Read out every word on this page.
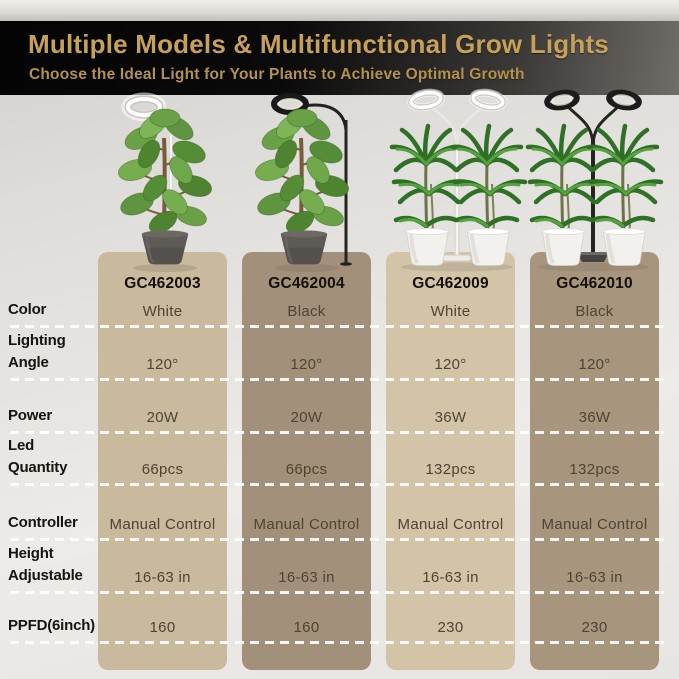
Multiple Models & Multifunctional Grow Lights
Choose the Ideal Light for Your Plants to Achieve Optimal Growth
GC462003	GC462004	GC462009	GC462010
Color	White	Black	White	Black
Lighting Angle	120°	120°	120°	120°
Power	20W	20W	36W	36W
Led Quantity	66pcs	66pcs	132pcs	132pcs
Controller	Manual Control	Manual Control	Manual Control	Manual Control
Height Adjustable	16-63 in	16-63 in	16-63 in	16-63 in
PPFD(6inch)	160	160	230	230
